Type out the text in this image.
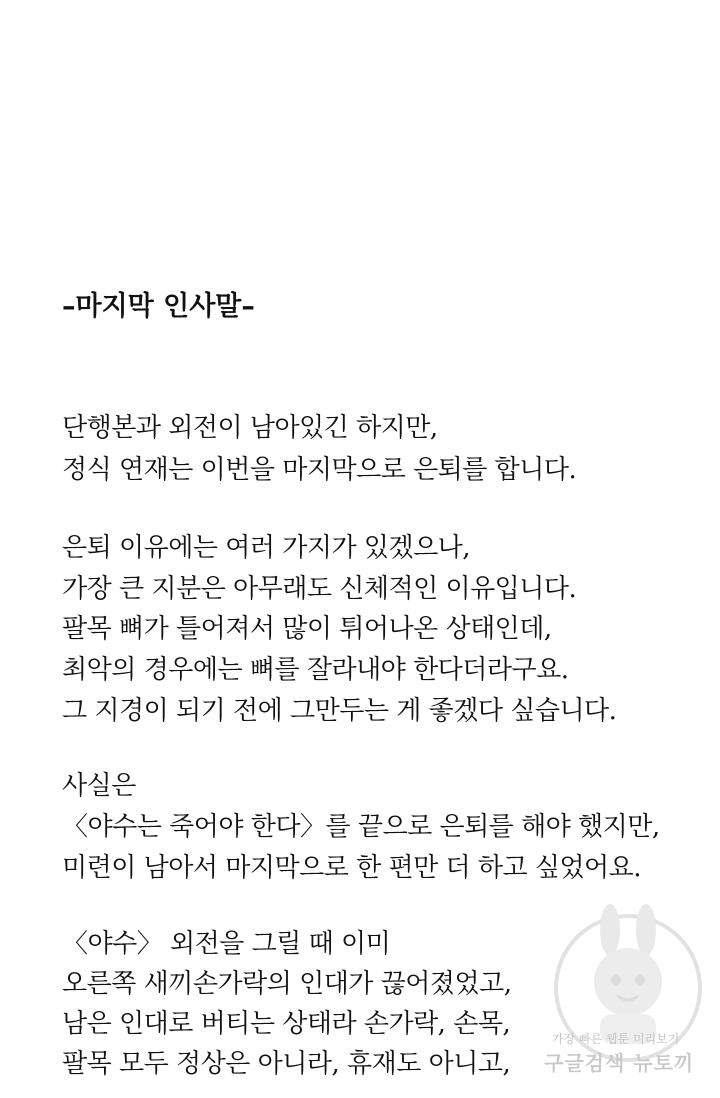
–마지막 인사말–
단행본과 외전이 남아있긴 하지만,
정식 연재는 이번을 마지막으로 은퇴를 합니다.
은퇴 이유에는 여러 가지가 있겠으나,
가장 큰 지분은 아무래도 신체적인 이유입니다.
팔목 뼈가 틀어져서 많이 튀어나온 상태인데,
최악의 경우에는 뼈를 잘라내야 한다더라구요.
그 지경이 되기 전에 그만두는 게 좋겠다 싶습니다.
사실은
〈야수는 죽어야 한다〉를 끝으로 은퇴를 해야 했지만,
미련이 남아서 마지막으로 한 편만 더 하고 싶었어요.
〈야수〉 외전을 그릴 때 이미
오른쪽 새끼손가락의 인대가 끊어졌었고,
남은 인대로 버티는 상태라 손가락, 손목,
팔목 모두 정상은 아니라, 휴재도 아니고,
가장 빠른 웹툰 미리보기
구글검색 뉴토끼
